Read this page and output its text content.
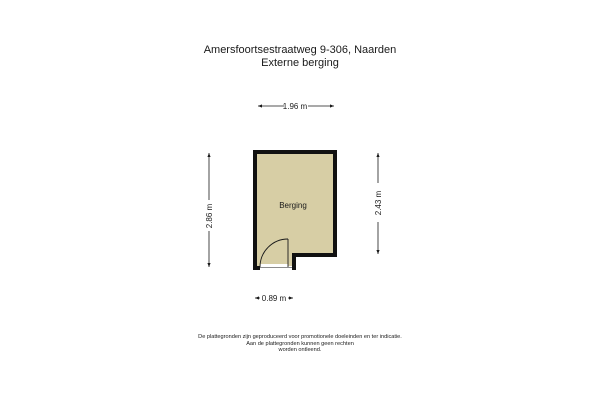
Amersfoortsestraatweg 9-306, Naarden
Externe berging
Berging
1.96 m
2.86 m
2.43 m
0.89 m
De plattegronden zijn geproduceerd voor promotionele doeleinden en ter indicatie.
Aan de plattegronden kunnen geen rechten
worden ontleend.
